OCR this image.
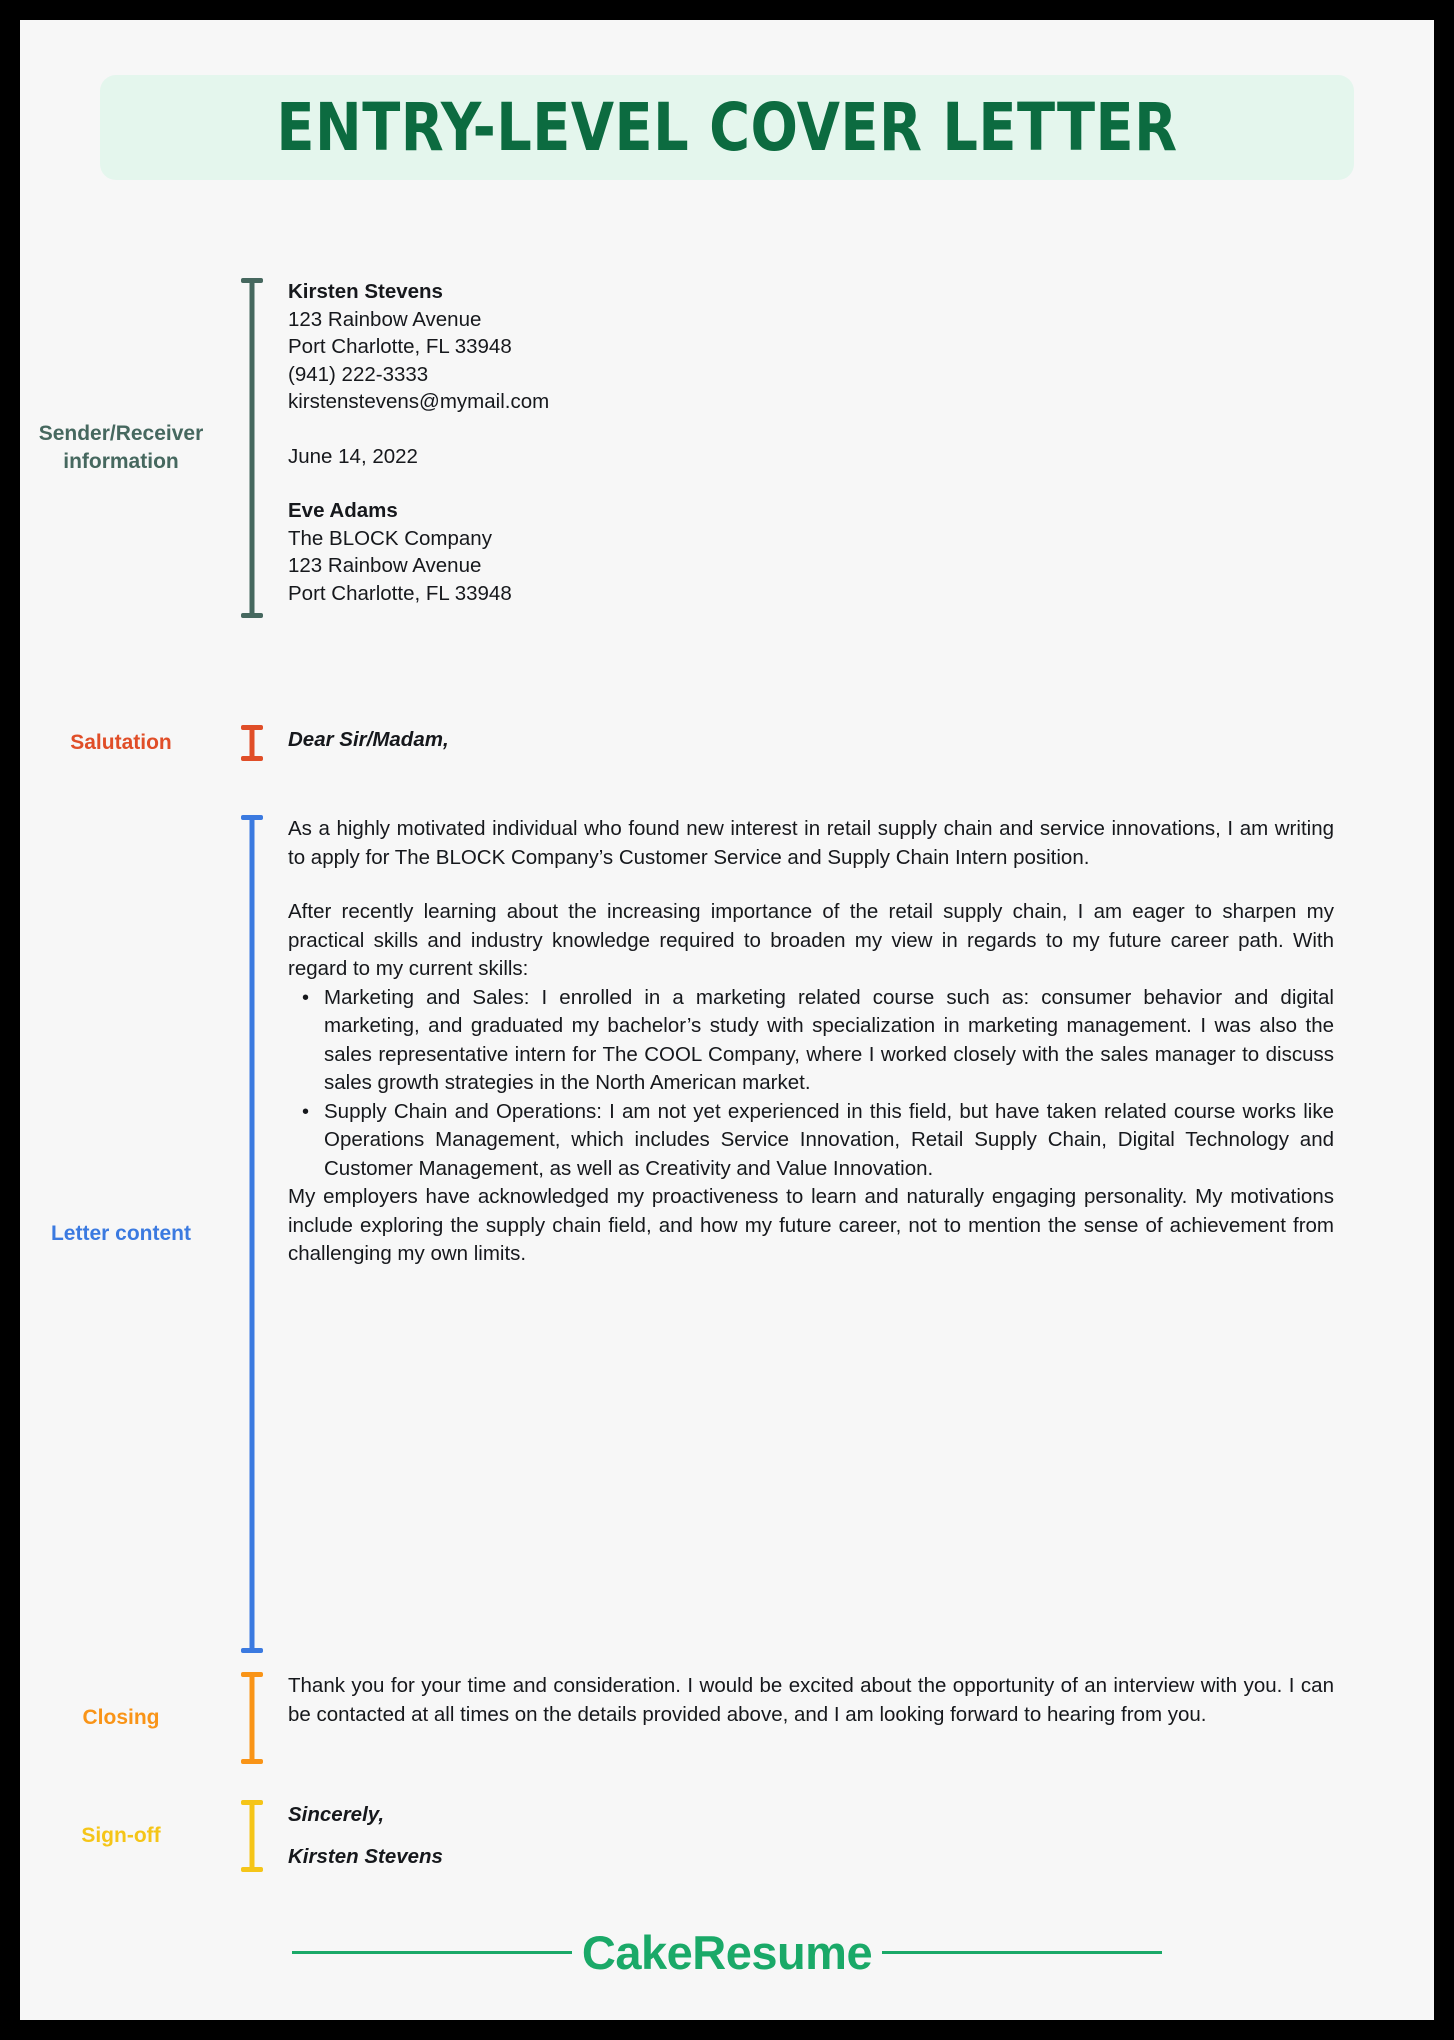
ENTRY-LEVEL COVER LETTER
Sender/Receiver
information
Kirsten Stevens
123 Rainbow Avenue
Port Charlotte, FL 33948
(941) 222-3333
kirstenstevens@mymail.com
June 14, 2022
Eve Adams
The BLOCK Company
123 Rainbow Avenue
Port Charlotte, FL 33948
Salutation	Dear Sir/Madam,
Letter content
As a highly motivated individual who found new interest in retail supply chain and service innovations, I am writing to apply for The BLOCK Company’s Customer Service and Supply Chain Intern position.
After recently learning about the increasing importance of the retail supply chain, I am eager to sharpen my practical skills and industry knowledge required to broaden my view in regards to my future career path. With regard to my current skills:
• Marketing and Sales: I enrolled in a marketing related course such as: consumer behavior and digital marketing, and graduated my bachelor’s study with specialization in marketing management. I was also the sales representative intern for The COOL Company, where I worked closely with the sales manager to discuss sales growth strategies in the North American market.
• Supply Chain and Operations: I am not yet experienced in this field, but have taken related course works like Operations Management, which includes Service Innovation, Retail Supply Chain, Digital Technology and Customer Management, as well as Creativity and Value Innovation.
My employers have acknowledged my proactiveness to learn and naturally engaging personality. My motivations include exploring the supply chain field, and how my future career, not to mention the sense of achievement from challenging my own limits.
Closing
Thank you for your time and consideration. I would be excited about the opportunity of an interview with you. I can be contacted at all times on the details provided above, and I am looking forward to hearing from you.
Sign-off
Sincerely,
Kirsten Stevens
CakeResume
